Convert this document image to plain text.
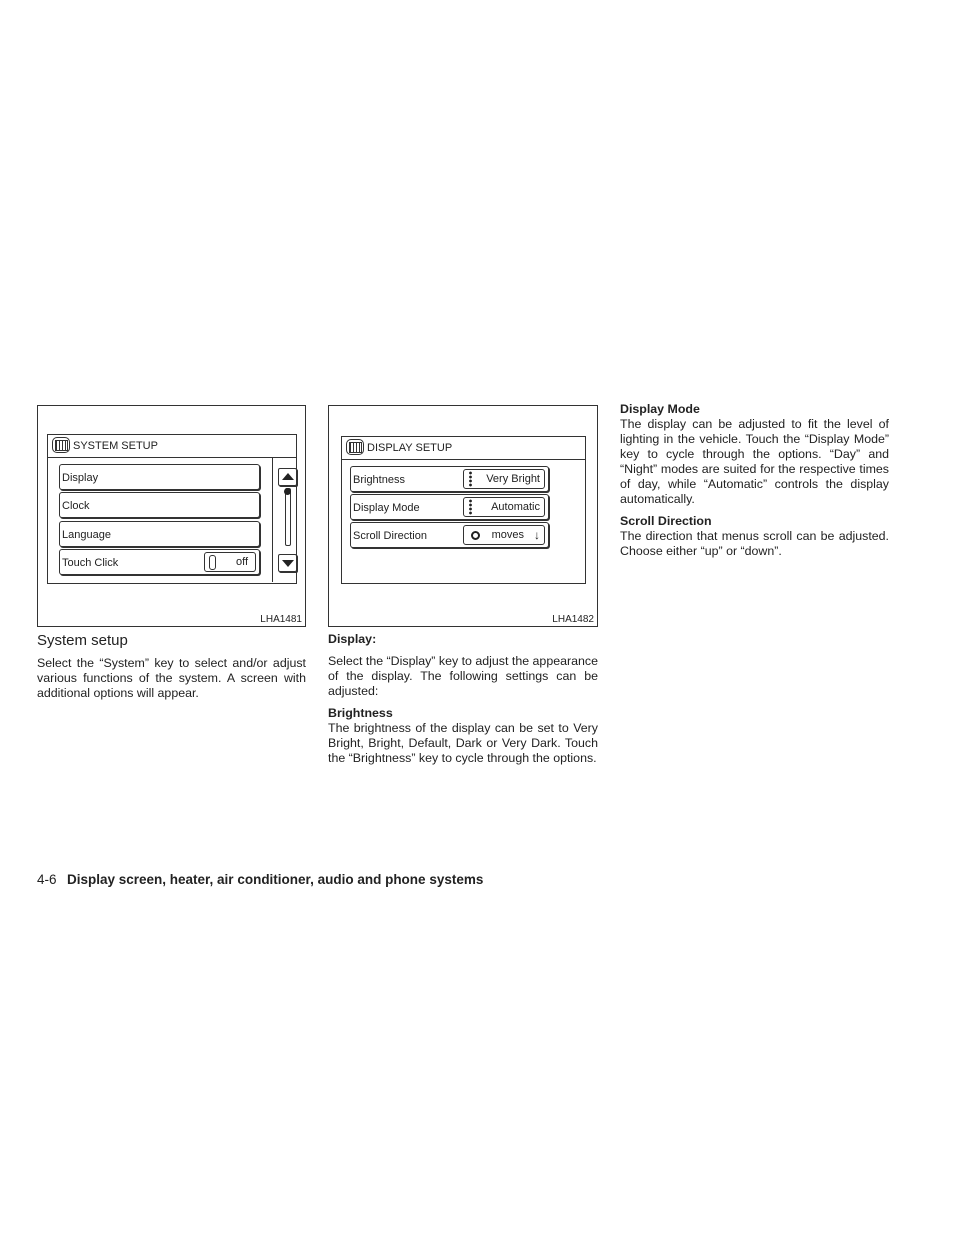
SYSTEM SETUP
Display
Clock
Language
Touch Click	off
LHA1481
DISPLAY SETUP
Brightness	Very Bright
Display Mode	Automatic
Scroll Direction	moves ↓
LHA1482
System setup

Select the “System” key to select and/or adjust various functions of the system. A screen with additional options will appear.

Display:

Select the “Display” key to adjust the appearance of the display. The following settings can be adjusted:

Brightness

The brightness of the display can be set to Very Bright, Bright, Default, Dark or Very Dark. Touch the “Brightness” key to cycle through the options.

Display Mode

The display can be adjusted to fit the level of lighting in the vehicle. Touch the “Display Mode” key to cycle through the options. “Day” and “Night” modes are suited for the respective times of day, while “Automatic” controls the display automatically.

Scroll Direction

The direction that menus scroll can be adjusted. Choose either “up” or “down”.

4-6 Display screen, heater, air conditioner, audio and phone systems
